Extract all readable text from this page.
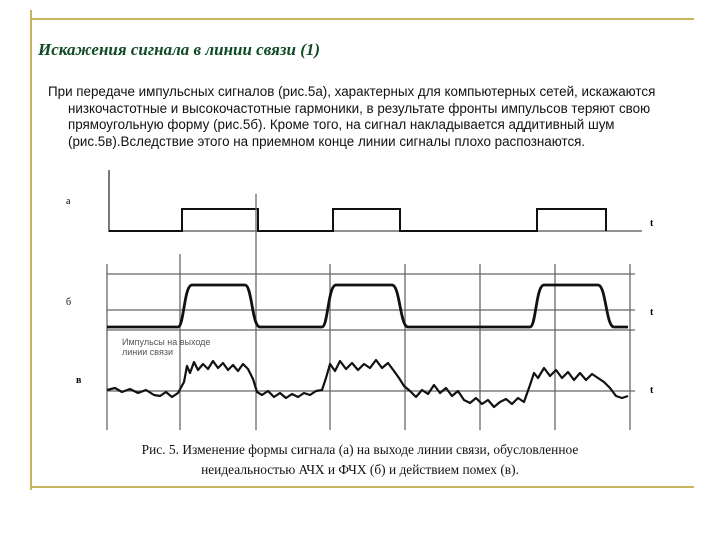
Искажения сигнала в линии связи (1)

При передаче импульсных сигналов (рис.5а), характерных для компьютерных сетей, искажаются низкочастотные и высокочастотные гармоники, в результате фронты импульсов теряют свою прямоугольную форму (рис.5б). Кроме того, на сигнал накладывается аддитивный шум (рис.5в).Вследствие этого на приемном конце линии сигналы плохо распознаются.

а
t
б
t
в
t
Импульсы на выходе
линии связи

Рис. 5. Изменение формы сигнала (а) на выходе линии связи, обусловленное
неидеальностью АЧХ и ФЧХ (б) и действием помех (в).
